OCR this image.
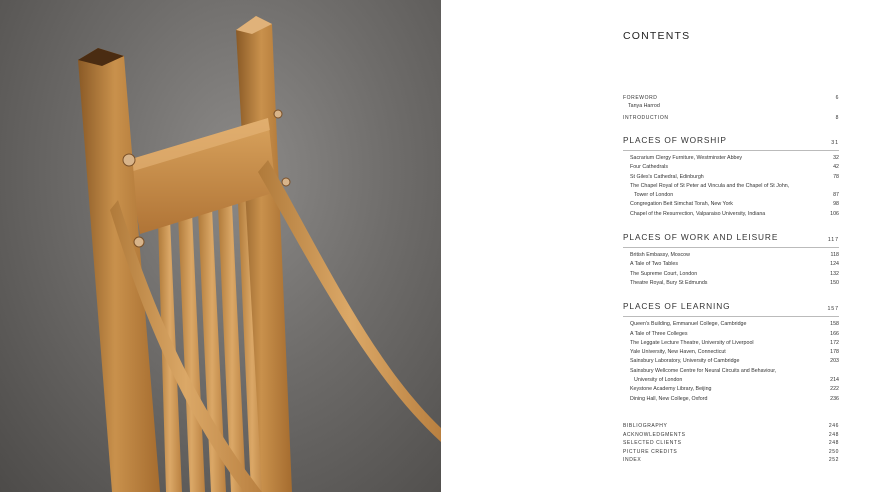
CONTENTS
FOREWORD	6
Tanya Harrod
INTRODUCTION	8
PLACES OF WORSHIP	31
Sacrarium Clergy Furniture, Westminster Abbey	32
Four Cathedrals	42
St Giles's Cathedral, Edinburgh	78
The Chapel Royal of St Peter ad Vincula and the Chapel of St John,
Tower of London	87
Congregation Beit Simchat Torah, New York	98
Chapel of the Resurrection, Valparaiso University, Indiana	106
PLACES OF WORK AND LEISURE	117
British Embassy, Moscow	118
A Tale of Two Tables	124
The Supreme Court, London	132
Theatre Royal, Bury St Edmunds	150
PLACES OF LEARNING	157
Queen's Building, Emmanuel College, Cambridge	158
A Tale of Three Colleges	166
The Leggate Lecture Theatre, University of Liverpool	172
Yale University, New Haven, Connecticut	178
Sainsbury Laboratory, University of Cambridge	203
Sainsbury Wellcome Centre for Neural Circuits and Behaviour,
University of London	214
Keystone Academy Library, Beijing	222
Dining Hall, New College, Oxford	236
BIBLIOGRAPHY	246
ACKNOWLEDGMENTS	248
SELECTED CLIENTS	248
PICTURE CREDITS	250
INDEX	252
